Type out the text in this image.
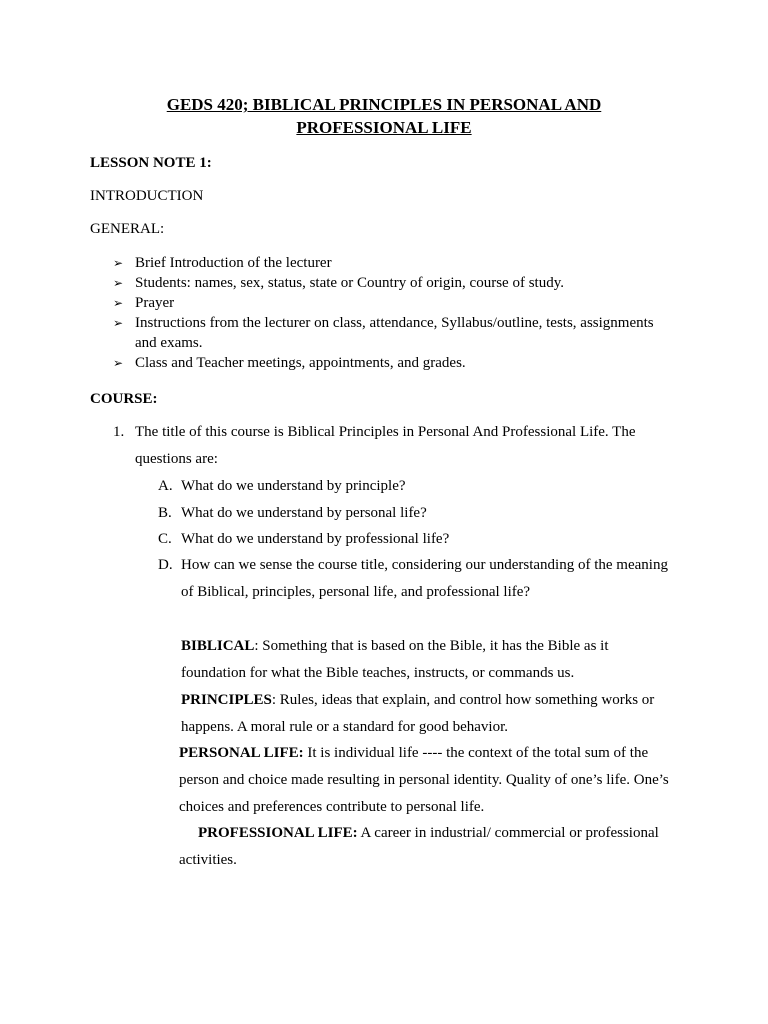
GEDS 420; BIBLICAL PRINCIPLES IN PERSONAL AND
PROFESSIONAL LIFE
LESSON NOTE 1:
INTRODUCTION
GENERAL:
➢ Brief Introduction of the lecturer
➢ Students: names, sex, status, state or Country of origin, course of study.
➢ Prayer
➢ Instructions from the lecturer on class, attendance, Syllabus/outline, tests, assignments
and exams.
➢ Class and Teacher meetings, appointments, and grades.
COURSE:
1. The title of this course is Biblical Principles in Personal And Professional Life. The
questions are:
A. What do we understand by principle?
B. What do we understand by personal life?
C. What do we understand by professional life?
D. How can we sense the course title, considering our understanding of the meaning
of Biblical, principles, personal life, and professional life?
BIBLICAL: Something that is based on the Bible, it has the Bible as it
foundation for what the Bible teaches, instructs, or commands us.
PRINCIPLES: Rules, ideas that explain, and control how something works or
happens. A moral rule or a standard for good behavior.
PERSONAL LIFE: It is individual life ---- the context of the total sum of the
person and choice made resulting in personal identity. Quality of one’s life. One’s
choices and preferences contribute to personal life.
PROFESSIONAL LIFE: A career in industrial/ commercial or professional
activities.
